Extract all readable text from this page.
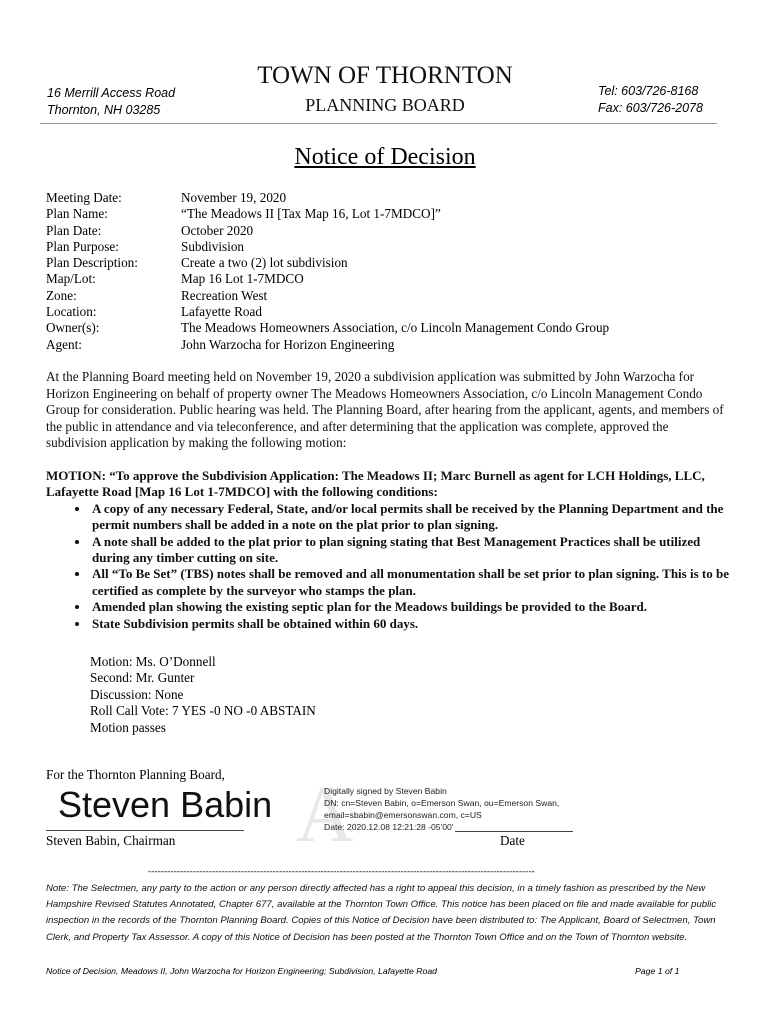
16 Merrill Access Road
Thornton, NH 03285
TOWN OF THORNTON
PLANNING BOARD
Tel: 603/726-8168
Fax: 603/726-2078
Notice of Decision
Meeting Date:	November 19, 2020
Plan Name:	“The Meadows II [Tax Map 16, Lot 1-7MDCO]”
Plan Date:	October 2020
Plan Purpose:	Subdivision
Plan Description:	Create a two (2) lot subdivision
Map/Lot:	Map 16 Lot 1-7MDCO
Zone:	Recreation West
Location:	Lafayette Road
Owner(s):	The Meadows Homeowners Association, c/o Lincoln Management Condo Group
Agent:	John Warzocha for Horizon Engineering
At the Planning Board meeting held on November 19, 2020 a subdivision application was submitted by John Warzocha for Horizon Engineering on behalf of property owner The Meadows Homeowners Association, c/o Lincoln Management Condo Group for consideration. Public hearing was held. The Planning Board, after hearing from the applicant, agents, and members of the public in attendance and via teleconference, and after determining that the application was complete, approved the subdivision application by making the following motion:
MOTION: “To approve the Subdivision Application: The Meadows II; Marc Burnell as agent for LCH Holdings, LLC, Lafayette Road [Map 16 Lot 1-7MDCO] with the following conditions:
• A copy of any necessary Federal, State, and/or local permits shall be received by the Planning Department and the permit numbers shall be added in a note on the plat prior to plan signing.
• A note shall be added to the plat prior to plan signing stating that Best Management Practices shall be utilized during any timber cutting on site.
• All “To Be Set” (TBS) notes shall be removed and all monumentation shall be set prior to plan signing. This is to be certified as complete by the surveyor who stamps the plan.
• Amended plan showing the existing septic plan for the Meadows buildings be provided to the Board.
• State Subdivision permits shall be obtained within 60 days.
Motion: Ms. O’Donnell
Second: Mr. Gunter
Discussion: None
Roll Call Vote: 7 YES -0 NO -0 ABSTAIN
Motion passes
For the Thornton Planning Board, A
Steven Babin
Steven Babin, Chairman
Digitally signed by Steven Babin
DN: cn=Steven Babin, o=Emerson Swan, ou=Emerson Swan,
email=sbabin@emersonswan.com, c=US
Date: 2020.12.08 12:21:28 -05'00'
Date
-------------------------------------------------------------------------------------------------------------------------
Note: The Selectmen, any party to the action or any person directly affected has a right to appeal this decision, in a timely fashion as prescribed by the New Hampshire Revised Statutes Annotated, Chapter 677, available at the Thornton Town Office. This notice has been placed on file and made available for public inspection in the records of the Thornton Planning Board. Copies of this Notice of Decision have been distributed to: The Applicant, Board of Selectmen, Town Clerk, and Property Tax Assessor. A copy of this Notice of Decision has been posted at the Thornton Town Office and on the Town of Thornton website.
Notice of Decision, Meadows II, John Warzocha for Horizon Engineering; Subdivision, Lafayette Road	Page 1 of 1
